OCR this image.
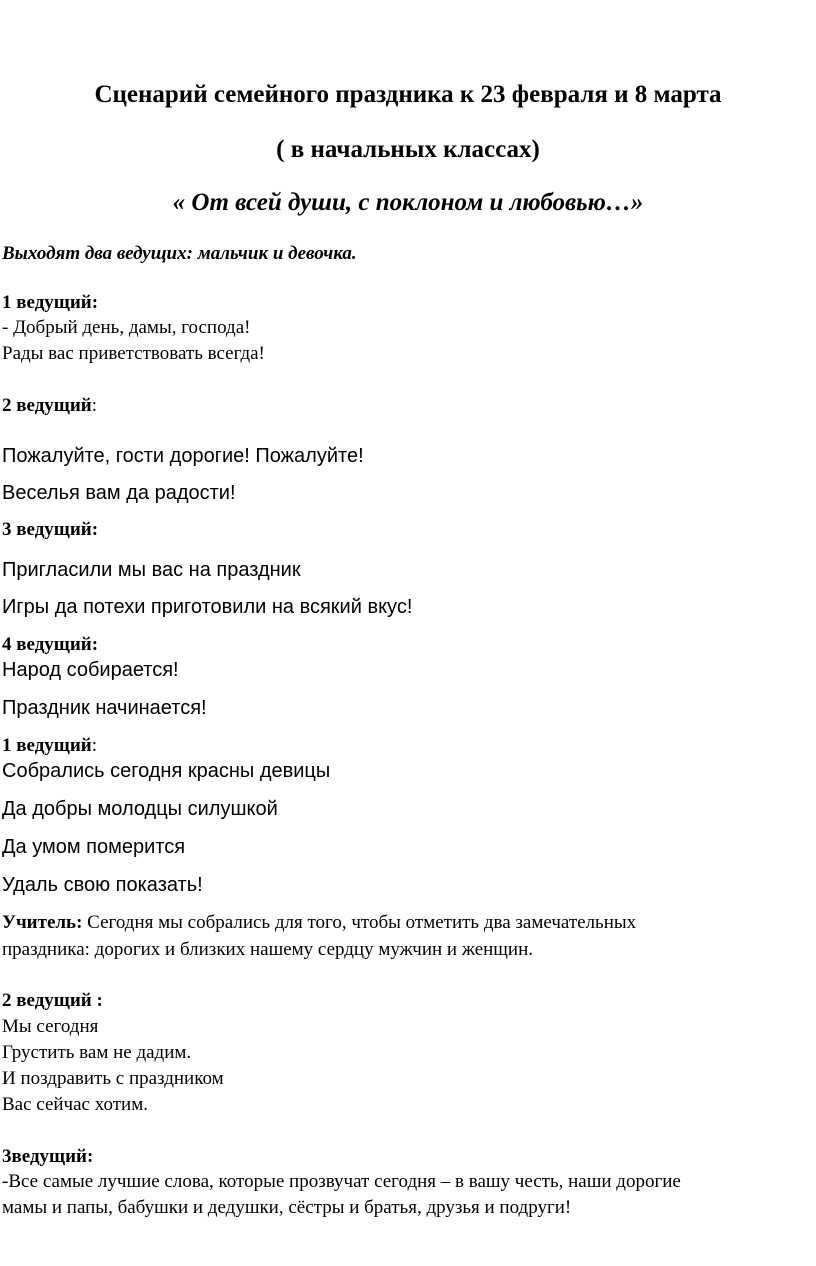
Сценарий семейного праздника к 23 февраля и 8 марта
( в начальных классах)
« От всей души, с поклоном и любовью…»
Выходят два ведущих: мальчик и девочка.
1 ведущий:
- Добрый день, дамы, господа!
Рады вас приветствовать всегда!
2 ведущий:
Пожалуйте, гости дорогие! Пожалуйте!
Веселья вам да радости!
3 ведущий:
Пригласили мы вас на праздник
Игры да потехи приготовили на всякий вкус!
4 ведущий:
Народ собирается!
Праздник начинается!
1 ведущий:
Собрались сегодня красны девицы
Да добры молодцы силушкой
Да умом померится
Удаль свою показать!
Учитель: Сегодня мы собрались для того, чтобы отметить два замечательных
праздника: дорогих и близких нашему сердцу мужчин и женщин.
2 ведущий :
Мы сегодня
Грустить вам не дадим.
И поздравить с праздником
Вас сейчас хотим.
3ведущий:
-Все самые лучшие слова, которые прозвучат сегодня – в вашу честь, наши дорогие
мамы и папы, бабушки и дедушки, сёстры и братья, друзья и подруги!
